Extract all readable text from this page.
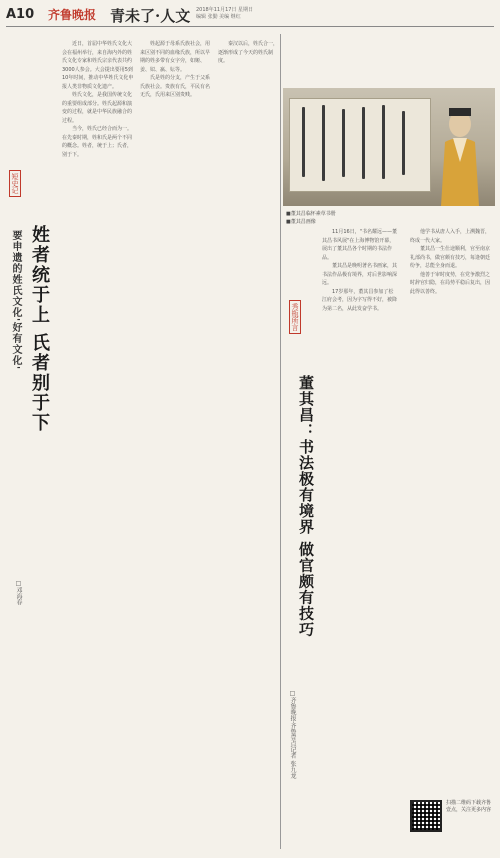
A10 齐鲁晚报 青未了·人文 2018年11月17日 星期日
编辑 张勤 美编 继红
短史记
姓者统于上 氏者别于下
要申遗的姓氏文化'好有文化'
□邓海春

近日，首届中华姓氏文化大会在福州举行，来自海内外的姓氏文化专家和姓氏宗亲代表共约3000人参会。大会提出要用5到10年时间，推动中华姓氏文化申报人类非物质文化遗产。

姓氏文化，是我国传统文化的重要组成部分。姓氏起源和演变的过程，就是中华民族融合的过程。

当今，姓氏已经合而为一。在先秦时期，姓和氏是两个不同的概念。姓者，统于上；氏者，别于下。

姓起源于母系氏族社会，用来区别不同的血缘氏族，所以早期的姓多带有女字旁，如姬、姜、姒、嬴、妘等。

氏是姓的分支，产生于父系氏族社会。贵族有氏，平民有名无氏，氏用来区别贵贱。

秦汉以后，姓氏合一，逐渐形成了今天的姓氏制度。

■董其昌临怀素草书册
■董其昌画像
秀瓶所言
董其昌：书法极有境界 做官颇有技巧
□齐鲁晚报·齐鲁壹点记者 张九龙

11月16日，"书名耀远——董其昌书风展"在上海博物馆开幕，展出了董其昌各个时期的书法作品。

董其昌是晚明著名书画家，其书法作品极有境界，对后世影响深远。

17岁那年，董其昌参加了松江府会考，因为字写得不好，被降为第二名，从此发奋学书。

他学书从唐人入手，上溯魏晋，终成一代大家。

董其昌一生仕途顺利，官至南京礼部尚书，做官颇有技巧，每逢朝廷纷争，总能全身而退。

他善于审时度势，在党争激烈之时辞官归隐，在局势平稳后复出，因此得以善终。

扫描二维码下载齐鲁壹点，关注更多内容
